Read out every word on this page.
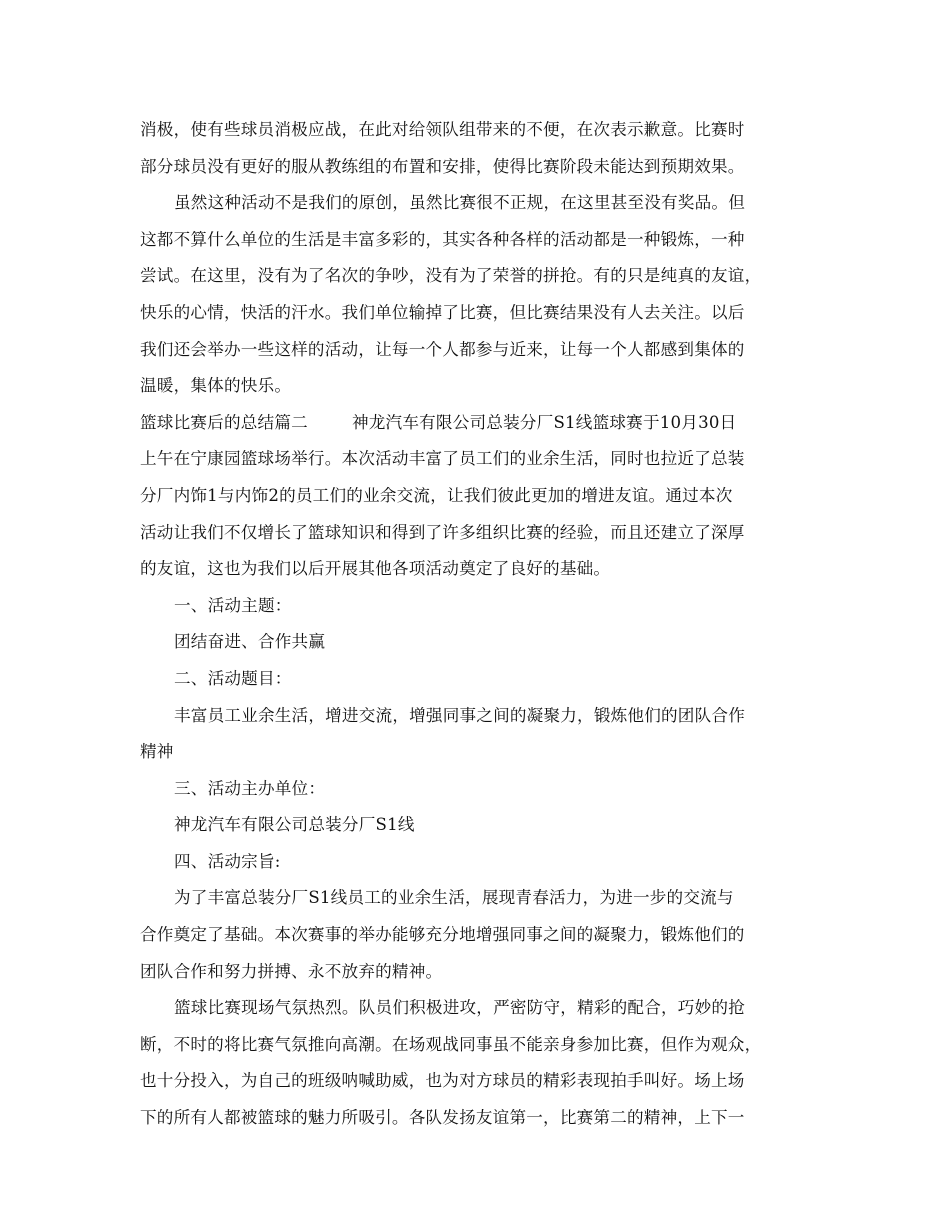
消极，使有些球员消极应战，在此对给领队组带来的不便，在次表示歉意。比赛时
部分球员没有更好的服从教练组的布置和安排，使得比赛阶段未能达到预期效果。
虽然这种活动不是我们的原创，虽然比赛很不正规，在这里甚至没有奖品。但
这都不算什么单位的生活是丰富多彩的，其实各种各样的活动都是一种锻炼，一种
尝试。在这里，没有为了名次的争吵，没有为了荣誉的拼抢。有的只是纯真的友谊，
快乐的心情，快活的汗水。我们单位输掉了比赛，但比赛结果没有人去关注。以后
我们还会举办一些这样的活动，让每一个人都参与近来，让每一个人都感到集体的
温暖，集体的快乐。
篮球比赛后的总结篇二	神龙汽车有限公司总装分厂S1线篮球赛于10月30日
上午在宁康园篮球场举行。本次活动丰富了员工们的业余生活，同时也拉近了总装
分厂内饰1与内饰2的员工们的业余交流，让我们彼此更加的增进友谊。通过本次
活动让我们不仅增长了篮球知识和得到了许多组织比赛的经验，而且还建立了深厚
的友谊，这也为我们以后开展其他各项活动奠定了良好的基础。
一、活动主题：
团结奋进、合作共赢
二、活动题目：
丰富员工业余生活，增进交流，增强同事之间的凝聚力，锻炼他们的团队合作
精神
三、活动主办单位：
神龙汽车有限公司总装分厂S1线
四、活动宗旨:
为了丰富总装分厂S1线员工的业余生活，展现青春活力，为进一步的交流与
合作奠定了基础。本次赛事的举办能够充分地增强同事之间的凝聚力，锻炼他们的
团队合作和努力拼搏、永不放弃的精神。
篮球比赛现场气氛热烈。队员们积极进攻，严密防守，精彩的配合，巧妙的抢
断，不时的将比赛气氛推向高潮。在场观战同事虽不能亲身参加比赛，但作为观众，
也十分投入，为自己的班级呐喊助威，也为对方球员的精彩表现拍手叫好。场上场
下的所有人都被篮球的魅力所吸引。各队发扬友谊第一，比赛第二的精神，上下一
